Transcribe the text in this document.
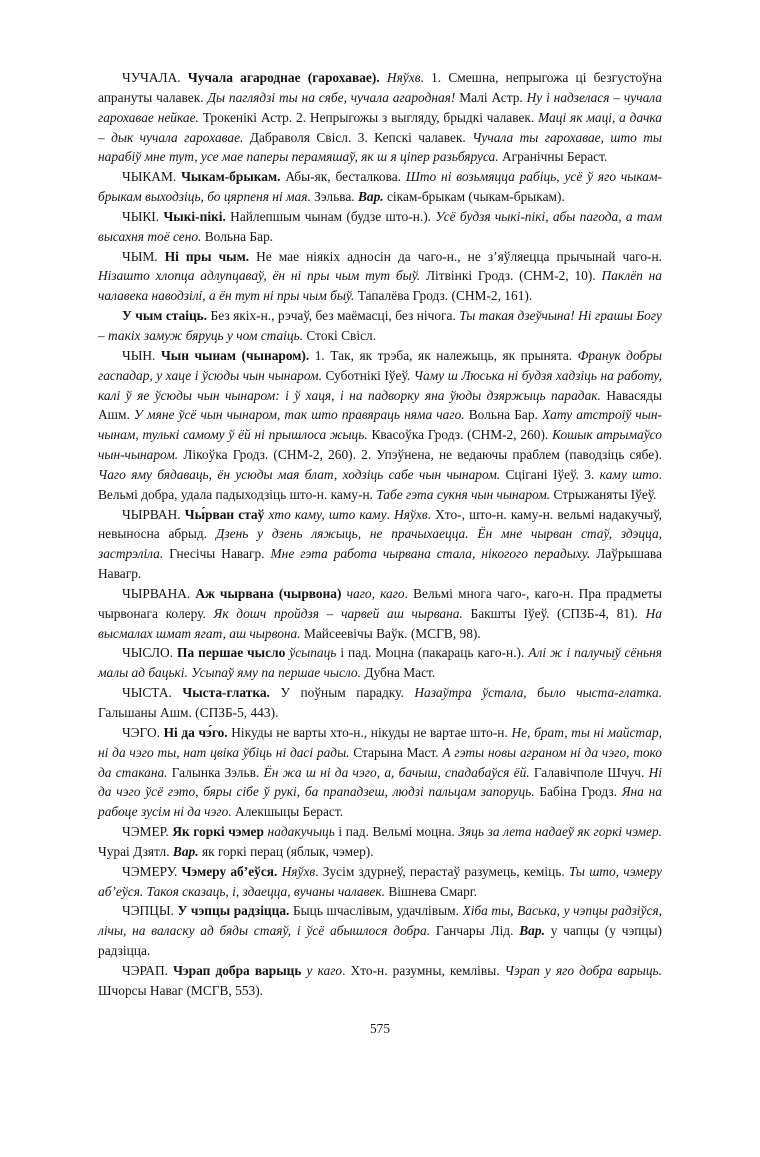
ЧУЧАЛА. Чучала агароднае (гарохавае). Няўхв. 1. Смешна, непрыгожа ці безгустоўна апрануты чалавек. Ды паглядзі ты на сябе, чучала агародная! Малі Астр. Ну і надзелася – чучала гарохавае нейкае. Трокенікі Астр. 2. Непрыгожы з выгляду, брыдкі чалавек. Маці як маці, а дачка – дык чучала гарохавае. Дабраволя Свісл. 3. Кепскі чалавек. Чучала ты гарохавае, што ты нарабіў мне тут, усе мае паперы перамяшаў, як ш я ціпер разьбяруса. Агранічны Бераст.

ЧЫКАМ. Чыкам-брыкам. Абы-як, бесталкова. Што ні возьмяцца рабіць, усё ў яго чыкам-брыкам выходзіць, бо цярпеня ні мая. Зэльва. Вар. сікам-брыкам (чыкам-брыкам).

ЧЫКІ. Чыкі-пікі. Найлепшым чынам (будзе што-н.). Усё будзя чыкі-пікі, абы пагода, а там высахня тоё сено. Вольна Бар.

ЧЫМ. Ні пры чым. Не мае ніякіх адносін да чаго-н., не з’яўляецца прычынай чаго-н. Нізашто хлопца адлупцаваў, ён ні пры чым тут быў. Літвінкі Гродз. (СНМ-2, 10). Паклёп на чалавека наводзілі, а ён тут ні пры чым быў. Тапалёва Гродз. (СНМ-2, 161).

У чым стаіць. Без якіх-н., рэчаў, без маёмасці, без нічога. Ты такая дзеўчына! Ні грашы Богу – такіх замуж бяруць у чом стаіць. Стокі Свісл.

ЧЫН. Чын чынам (чынаром). 1. Так, як трэба, як належыць, як прынята. Франук добры гаспадар, у хаце і ўсюды чын чынаром. Суботнікі Іўеў. Чаму ш Люська ні будзя хадзіць на работу, калі ў яе ўсюды чын чынаром: і ў хаця, і на падворку яна ўюды дзяржыць парадак. Навасяды Ашм. У мяне ўсё чын чынаром, так што правяраць няма чаго. Вольна Бар. Хату атстроіў чын-чынам, тулькі самому ў ёй ні прышлоса жыць. Квасоўка Гродз. (СНМ-2, 260). Кошык атрымаўсо чын-чынаром. Лікоўка Гродз. (СНМ-2, 260). 2. Упэўнена, не ведаючы праблем (паводзіць сябе). Чаго яму бядаваць, ён усюды мая блат, ходзіць сабе чын чынаром. Сцігані Іўеў. 3. каму што. Вельмі добра, удала падыходзіць што-н. каму-н. Табе гэта сукня чын чынаром. Стрыжаняты Іўеў.

ЧЫРВАН. Чы́рван стаў хто каму, што каму. Няўхв. Хто-, што-н. каму-н. вельмі надакучыў, невыносна абрыд. Дзень у дзень ляжыць, не прачыхаецца. Ён мне чырван стаў, здэцца, застрэліла. Гнесічы Навагр. Мне гэта работа чырвана стала, нікогого перадыху. Лаўрышава Навагр.

ЧЫРВАНА. Аж чырвана (чырвона) чаго, каго. Вельмі многа чаго-, каго-н. Пра прадметы чырвонага колеру. Як дошч пройдзя – чарвей аш чырвана. Бакшты Іўеў. (СПЗБ-4, 81). На высмалах шмат ягат, аш чырвона. Майсеевічы Ваўк. (МСГВ, 98).

ЧЫСЛО. Па першае чысло ўсыпаць і пад. Моцна (пакараць каго-н.). Алі ж і палучыў сёньня малы ад бацькі. Усыпаў яму па першае чысло. Дубна Маст.

ЧЫСТА. Чыста-глатка. У поўным парадку. Назаўтра ўстала, было чыста-глатка. Гальшаны Ашм. (СПЗБ-5, 443).

ЧЭГО. Ні да чэ́го. Нікуды не варты хто-н., нікуды не вартае што-н. Не, брат, ты ні майстар, ні да чэго ты, нат цвіка ўбіць ні дасі рады. Старына Маст. А гэты новы аграном ні да чэго, токо да стакана. Галынка Зэльв. Ён жа ш ні да чэго, а, бачыш, спадабаўся ёй. Галавічполе Шчуч. Ні да чэго ўсё гэто, бяры сібе ў рукі, ба прападзеш, людзі пальцам запоруць. Бабіна Гродз. Яна на рабоце зусім ні да чэго. Алекшыцы Бераст.

ЧЭМЕР. Як горкі чэмер надакучыць і пад. Вельмі моцна. Зяць за лета надаеў як горкі чэмер. Чураі Дзятл. Вар. як горкі перац (яблык, чэмер).

ЧЭМЕРУ. Чэмеру аб’еўся. Няўхв. Зусім здурнеў, перастаў разумець, кеміць. Ты што, чэмеру аб’еўся. Такоя сказаць, і, здаецца, вучаны чалавек. Вішнева Смарг.

ЧЭПЦЫ. У чэпцы радзіцца. Быць шчаслівым, удачлівым. Хіба ты, Васька, у чэпцы радзіўся, лічы, на валаску ад бяды стаяў, і ўсё абышлося добра. Ганчары Лід. Вар. у чапцы (у чэпцы) радзіцца.

ЧЭРАП. Чэрап добра варыць у каго. Хто-н. разумны, кемлівы. Чэрап у яго добра варыць. Шчорсы Наваг (МСГВ, 553).

575
